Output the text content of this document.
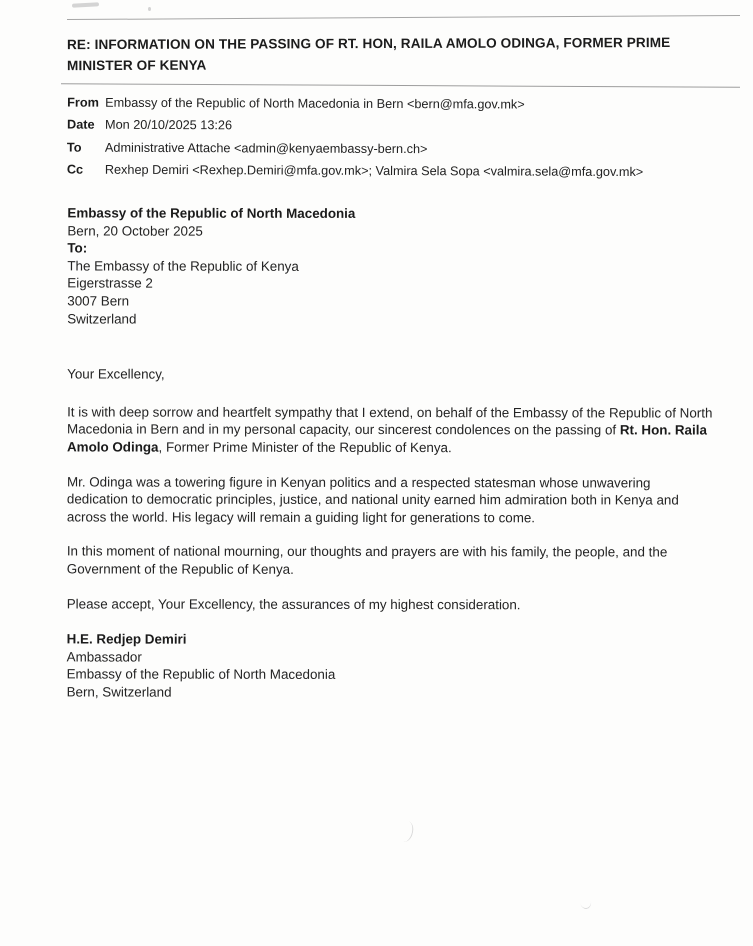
RE: INFORMATION ON THE PASSING OF RT. HON, RAILA AMOLO ODINGA, FORMER PRIME MINISTER OF KENYA
From Embassy of the Republic of North Macedonia in Bern <bern@mfa.gov.mk>
Date Mon 20/10/2025 13:26
To	Administrative Attache <admin@kenyaembassy-bern.ch>
Cc	Rexhep Demiri <Rexhep.Demiri@mfa.gov.mk>; Valmira Sela Sopa <valmira.sela@mfa.gov.mk>

Embassy of the Republic of North Macedonia

Bern, 20 October 2025

To:

The Embassy of the Republic of Kenya

Eigerstrasse 2

3007 Bern

Switzerland

Your Excellency,

It is with deep sorrow and heartfelt sympathy that I extend, on behalf of the Embassy of the Republic of North Macedonia in Bern and in my personal capacity, our sincerest condolences on the passing of Rt. Hon. Raila Amolo Odinga, Former Prime Minister of the Republic of Kenya.

Mr. Odinga was a towering figure in Kenyan politics and a respected statesman whose unwavering dedication to democratic principles, justice, and national unity earned him admiration both in Kenya and across the world. His legacy will remain a guiding light for generations to come.

In this moment of national mourning, our thoughts and prayers are with his family, the people, and the Government of the Republic of Kenya.

Please accept, Your Excellency, the assurances of my highest consideration.

H.E. Redjep Demiri

Ambassador

Embassy of the Republic of North Macedonia

Bern, Switzerland
